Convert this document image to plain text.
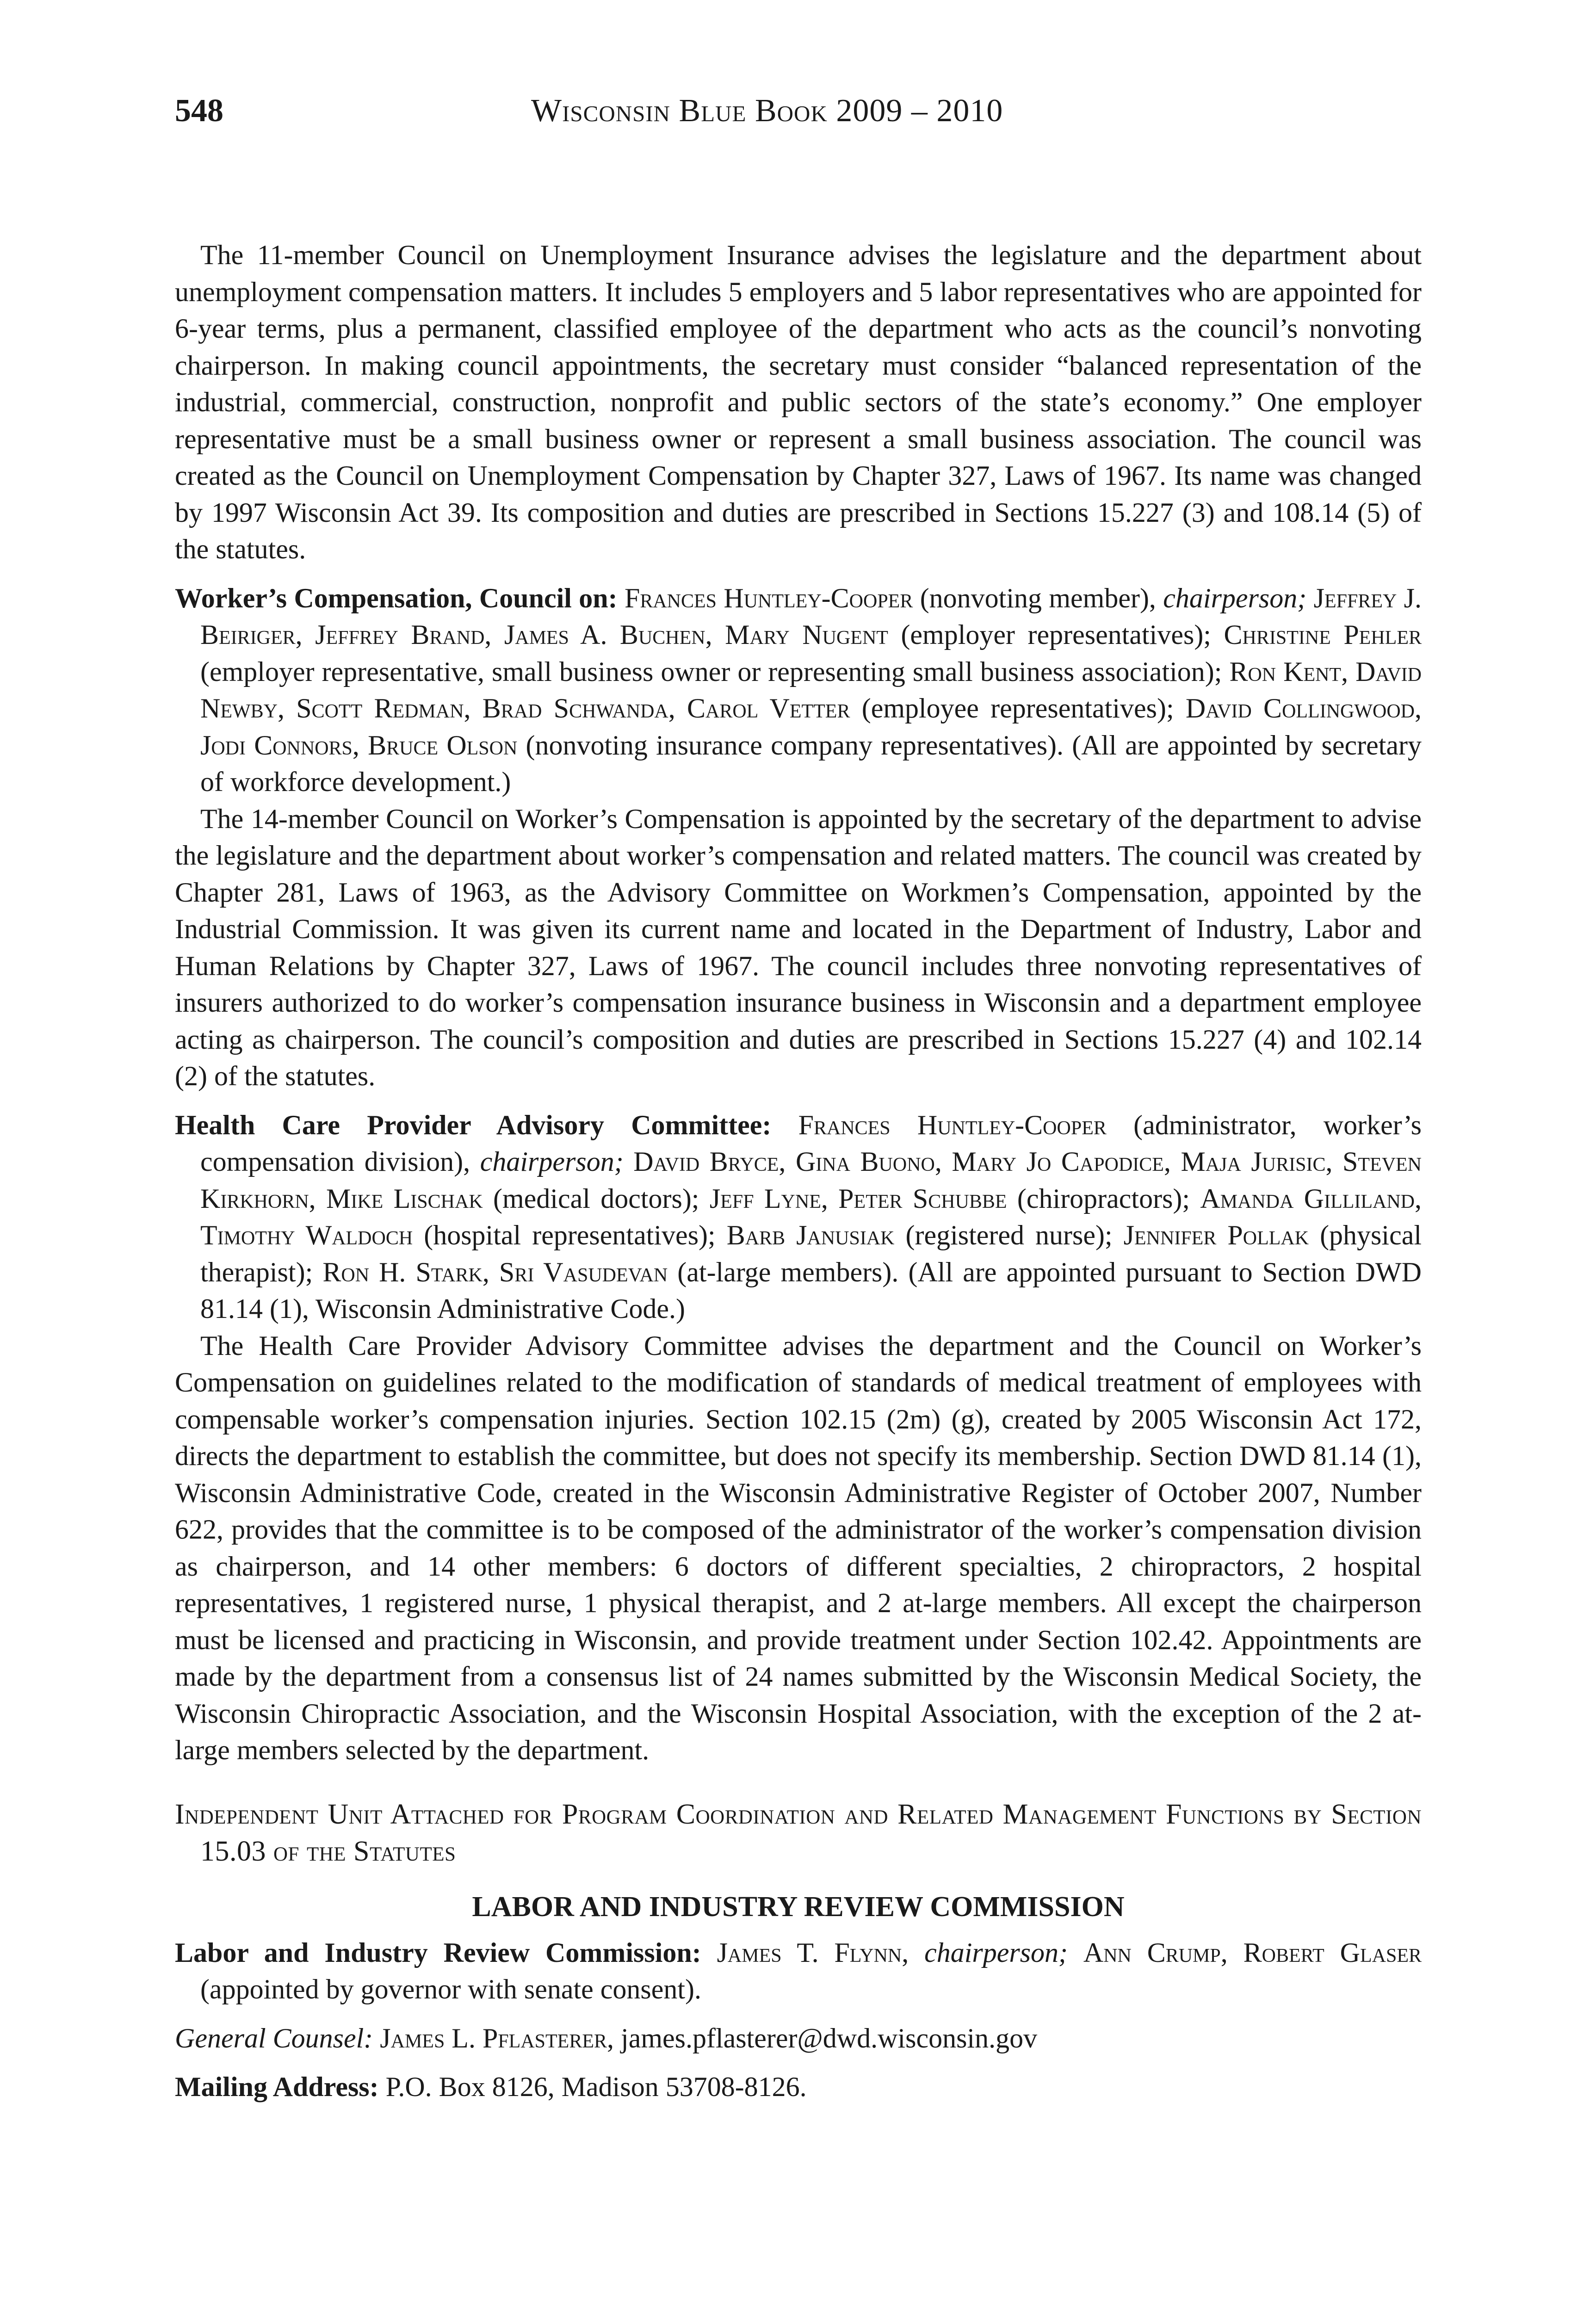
548	Wisconsin Blue Book 2009 – 2010

The 11-member Council on Unemployment Insurance advises the legislature and the department about unemployment compensation matters. It includes 5 employers and 5 labor representatives who are appointed for 6-year terms, plus a permanent, classified employee of the department who acts as the council’s nonvoting chairperson. In making council appointments, the secretary must consider “balanced representation of the industrial, commercial, construction, nonprofit and public sectors of the state’s economy.” One employer representative must be a small business owner or represent a small business association. The council was created as the Council on Unemployment Compensation by Chapter 327, Laws of 1967. Its name was changed by 1997 Wisconsin Act 39. Its composition and duties are prescribed in Sections 15.227 (3) and 108.14 (5) of the statutes.

Worker’s Compensation, Council on: Frances Huntley-Cooper (nonvoting member), chairperson; Jeffrey J. Beiriger, Jeffrey Brand, James A. Buchen, Mary Nugent (employer representatives); Christine Pehler (employer representative, small business owner or representing small business association); Ron Kent, David Newby, Scott Redman, Brad Schwanda, Carol Vetter (employee representatives); David Collingwood, Jodi Connors, Bruce Olson (nonvoting insurance company representatives). (All are appointed by secretary of workforce development.)

The 14-member Council on Worker’s Compensation is appointed by the secretary of the department to advise the legislature and the department about worker’s compensation and related matters. The council was created by Chapter 281, Laws of 1963, as the Advisory Committee on Workmen’s Compensation, appointed by the Industrial Commission. It was given its current name and located in the Department of Industry, Labor and Human Relations by Chapter 327, Laws of 1967. The council includes three nonvoting representatives of insurers authorized to do worker’s compensation insurance business in Wisconsin and a department employee acting as chairperson. The council’s composition and duties are prescribed in Sections 15.227 (4) and 102.14 (2) of the statutes.

Health Care Provider Advisory Committee: Frances Huntley-Cooper (administrator, worker’s compensation division), chairperson; David Bryce, Gina Buono, Mary Jo Capodice, Maja Jurisic, Steven Kirkhorn, Mike Lischak (medical doctors); Jeff Lyne, Peter Schubbe (chiropractors); Amanda Gilliland, Timothy Waldoch (hospital representatives); Barb Janusiak (registered nurse); Jennifer Pollak (physical therapist); Ron H. Stark, Sri Vasudevan (at-large members). (All are appointed pursuant to Section DWD 81.14 (1), Wisconsin Administrative Code.)

The Health Care Provider Advisory Committee advises the department and the Council on Worker’s Compensation on guidelines related to the modification of standards of medical treatment of employees with compensable worker’s compensation injuries. Section 102.15 (2m) (g), created by 2005 Wisconsin Act 172, directs the department to establish the committee, but does not specify its membership. Section DWD 81.14 (1), Wisconsin Administrative Code, created in the Wisconsin Administrative Register of October 2007, Number 622, provides that the committee is to be composed of the administrator of the worker’s compensation division as chairperson, and 14 other members: 6 doctors of different specialties, 2 chiropractors, 2 hospital representatives, 1 registered nurse, 1 physical therapist, and 2 at-large members. All except the chairperson must be licensed and practicing in Wisconsin, and provide treatment under Section 102.42. Appointments are made by the department from a consensus list of 24 names submitted by the Wisconsin Medical Society, the Wisconsin Chiropractic Association, and the Wisconsin Hospital Association, with the exception of the 2 at-large members selected by the department.

Independent Unit Attached for Program Coordination and Related Management Functions by Section 15.03 of the Statutes

LABOR AND INDUSTRY REVIEW COMMISSION

Labor and Industry Review Commission: James T. Flynn, chairperson; Ann Crump, Robert Glaser (appointed by governor with senate consent).

General Counsel: James L. Pflasterer, james.pflasterer@dwd.wisconsin.gov

Mailing Address: P.O. Box 8126, Madison 53708-8126.
